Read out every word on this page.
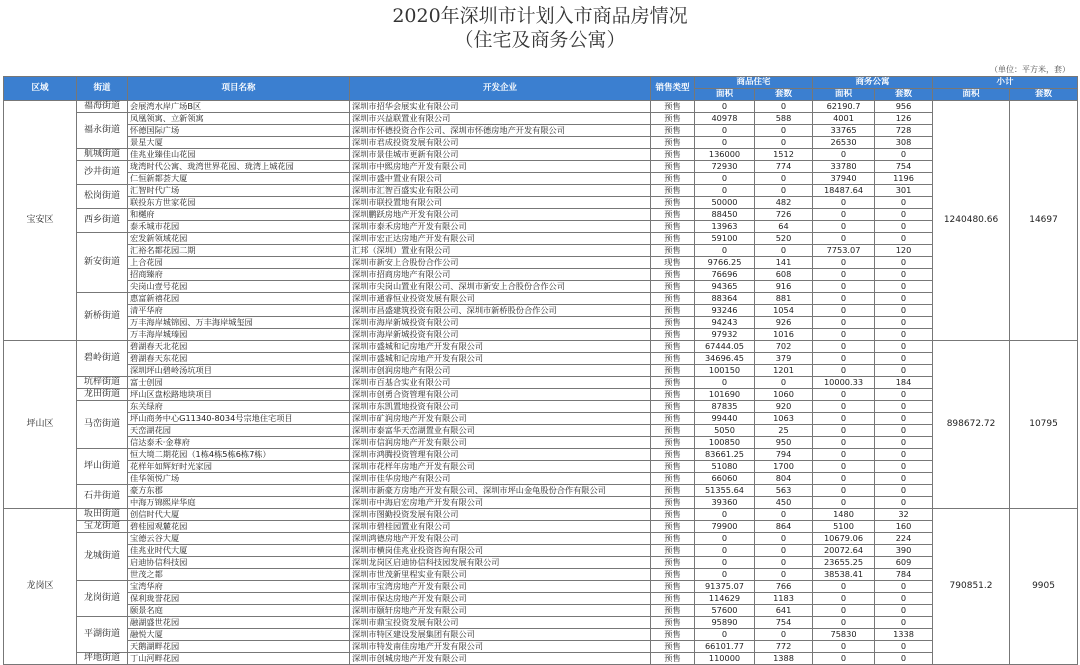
2020年深圳市计划入市商品房情况
（住宅及商务公寓）
（单位：平方米，套）
区域	街道	项目名称	开发企业	销售类型	商品住宅		商务公寓		小计	
					面积	套数	面积	套数	面积	套数
宝安区	福海街道	会展湾水岸广场B区	深圳市招华会展实业有限公司	预售	0	0	62190.7	956	1240480.66	14697
	福永街道	凤凰领寓、立新领寓	深圳市兴益联置业有限公司	预售	40978	588	4001	126		
		怀德国际广场	深圳市怀德投资合作公司、深圳市怀德房地产开发有限公司	预售	0	0	33765	728		
		景星大厦	深圳市君成投资发展有限公司	预售	0	0	26530	308		
	航城街道	佳兆业臻佳山花园	深圳市景佳城市更新有限公司	预售	136000	1512	0	0		
	沙井街道	珑湾时代公寓、珑湾世界花园、珑湾上城花园	深圳市中熙房地产开发有限公司	预售	72930	774	33780	754		
		仁恒新都荟大厦	深圳市盛中置业有限公司	预售	0	0	37940	1196		
	松岗街道	汇智时代广场	深圳市汇智百盛实业有限公司	预售	0	0	18487.64	301		
		联投东方世家花园	深圳市联投置地有限公司	预售	50000	482	0	0		
	西乡街道	和樾府	深圳鹏跃房地产开发有限公司	预售	88450	726	0	0		
		泰禾城市花园	深圳市泰禾房地产开发有限公司	预售	13963	64	0	0		
	新安街道	宏发新领域花园	深圳市宏正达房地产开发有限公司	预售	59100	520	0	0		
		汇裕名都花园二期	汇邦（深圳）置业有限公司	预售	0	0	7753.07	120		
		上合花园	深圳市新安上合股份合作公司	现售	9766.25	141	0	0		
		招商臻府	深圳市招商房地产有限公司	预售	76696	608	0	0		
		尖岗山壹号花园	深圳市尖岗山置业有限公司、深圳市新安上合股份合作公司	预售	94365	916	0	0		
	新桥街道	惠富新禧花园	深圳市通睿恒业投资发展有限公司	预售	88364	881	0	0		
		清平华府	深圳市昌盛建筑投资有限公司、深圳市新桥股份合作公司	预售	93246	1054	0	0		
		万丰海岸城锦园、万丰海岸城玺园	深圳市海岸新城投资有限公司	预售	94243	926	0	0		
		万丰海岸城瑧园	深圳市海岸新城投资有限公司	预售	97932	1016	0	0		
坪山区	碧岭街道	碧湖春天北花园	深圳市盛城和记房地产开发有限公司	预售	67444.05	702	0	0	898672.72	10795
		碧湖春天东花园	深圳市盛城和记房地产开发有限公司	预售	34696.45	379	0	0		
		深圳坪山碧岭汤坑项目	深圳市创润房地产有限公司	预售	100150	1201	0	0		
	坑梓街道	富士创园	深圳市百基合实业有限公司	预售	0	0	10000.33	184		
	龙田街道	坪山区盘松路地块项目	深圳市创勇合资管理有限公司	预售	101690	1060	0	0		
	马峦街道	东关绿府	深圳市东凯置地投资有限公司	预售	87835	920	0	0		
		坪山商务中心G11340-8034号宗地住宅项目	深圳市矿润房地产开发有限公司	预售	99440	1063	0	0		
		天峦湖花园	深圳市泰富华天峦湖置业有限公司	预售	5050	25	0	0		
		信达泰禾·金尊府	深圳市信润房地产开发有限公司	预售	100850	950	0	0		
	坪山街道	恒大境二期花园（1栋4栋5栋6栋7栋）	深圳市鸿腾投资管理有限公司	预售	83661.25	794	0	0		
		花样年如辉好时光家园	深圳市花样年房地产开发有限公司	预售	51080	1700	0	0		
		佳华领悦广场	深圳市佳华房地产有限公司	预售	66060	804	0	0		
	石井街道	豪方东郡	深圳市新豪方房地产开发有限公司、深圳市坪山金龟股份合作有限公司	预售	51355.64	563	0	0		
		中海万锦熙岸华庭	深圳市中海启宏房地产开发有限公司	预售	39360	450	0	0		
龙岗区	坂田街道	创信时代大厦	深圳市图勤投资发展有限公司	预售	0	0	1480	32	790851.2	9905
	宝龙街道	碧桂园观麓花园	深圳市碧桂园置业有限公司	预售	79900	864	5100	160		
	龙城街道	宝德云谷大厦	深圳鸿德房地产开发有限公司	预售	0	0	10679.06	224		
		佳兆业时代大厦	深圳市横岗佳兆业投资咨询有限公司	预售	0	0	20072.64	390		
		启迪协信科技园	深圳龙岗区启迪协信科技园发展有限公司	预售	0	0	23655.25	609		
		世茂之都	深圳市世茂新里程实业有限公司	预售	0	0	38538.41	784		
	龙岗街道	宝湾华府	深圳市宝湾房地产开发有限公司	预售	91375.07	766	0	0		
		保利珑誉花园	深圳市保达房地产开发有限公司	预售	114629	1183	0	0		
		颐景名庭	深圳市颐轩房地产开发有限公司	预售	57600	641	0	0		
	平湖街道	融湖盛世花园	深圳市鼎宝投资发展有限公司	预售	95890	754	0	0		
		融悦大厦	深圳市特区建设发展集团有限公司	预售	0	0	75830	1338		
		天鹅湖畔花园	深圳市特发南佳房地产开发有限公司	预售	66101.77	772	0	0		
	坪地街道	丁山河畔花园	深圳市创城房地产开发有限公司	预售	110000	1388	0	0		
